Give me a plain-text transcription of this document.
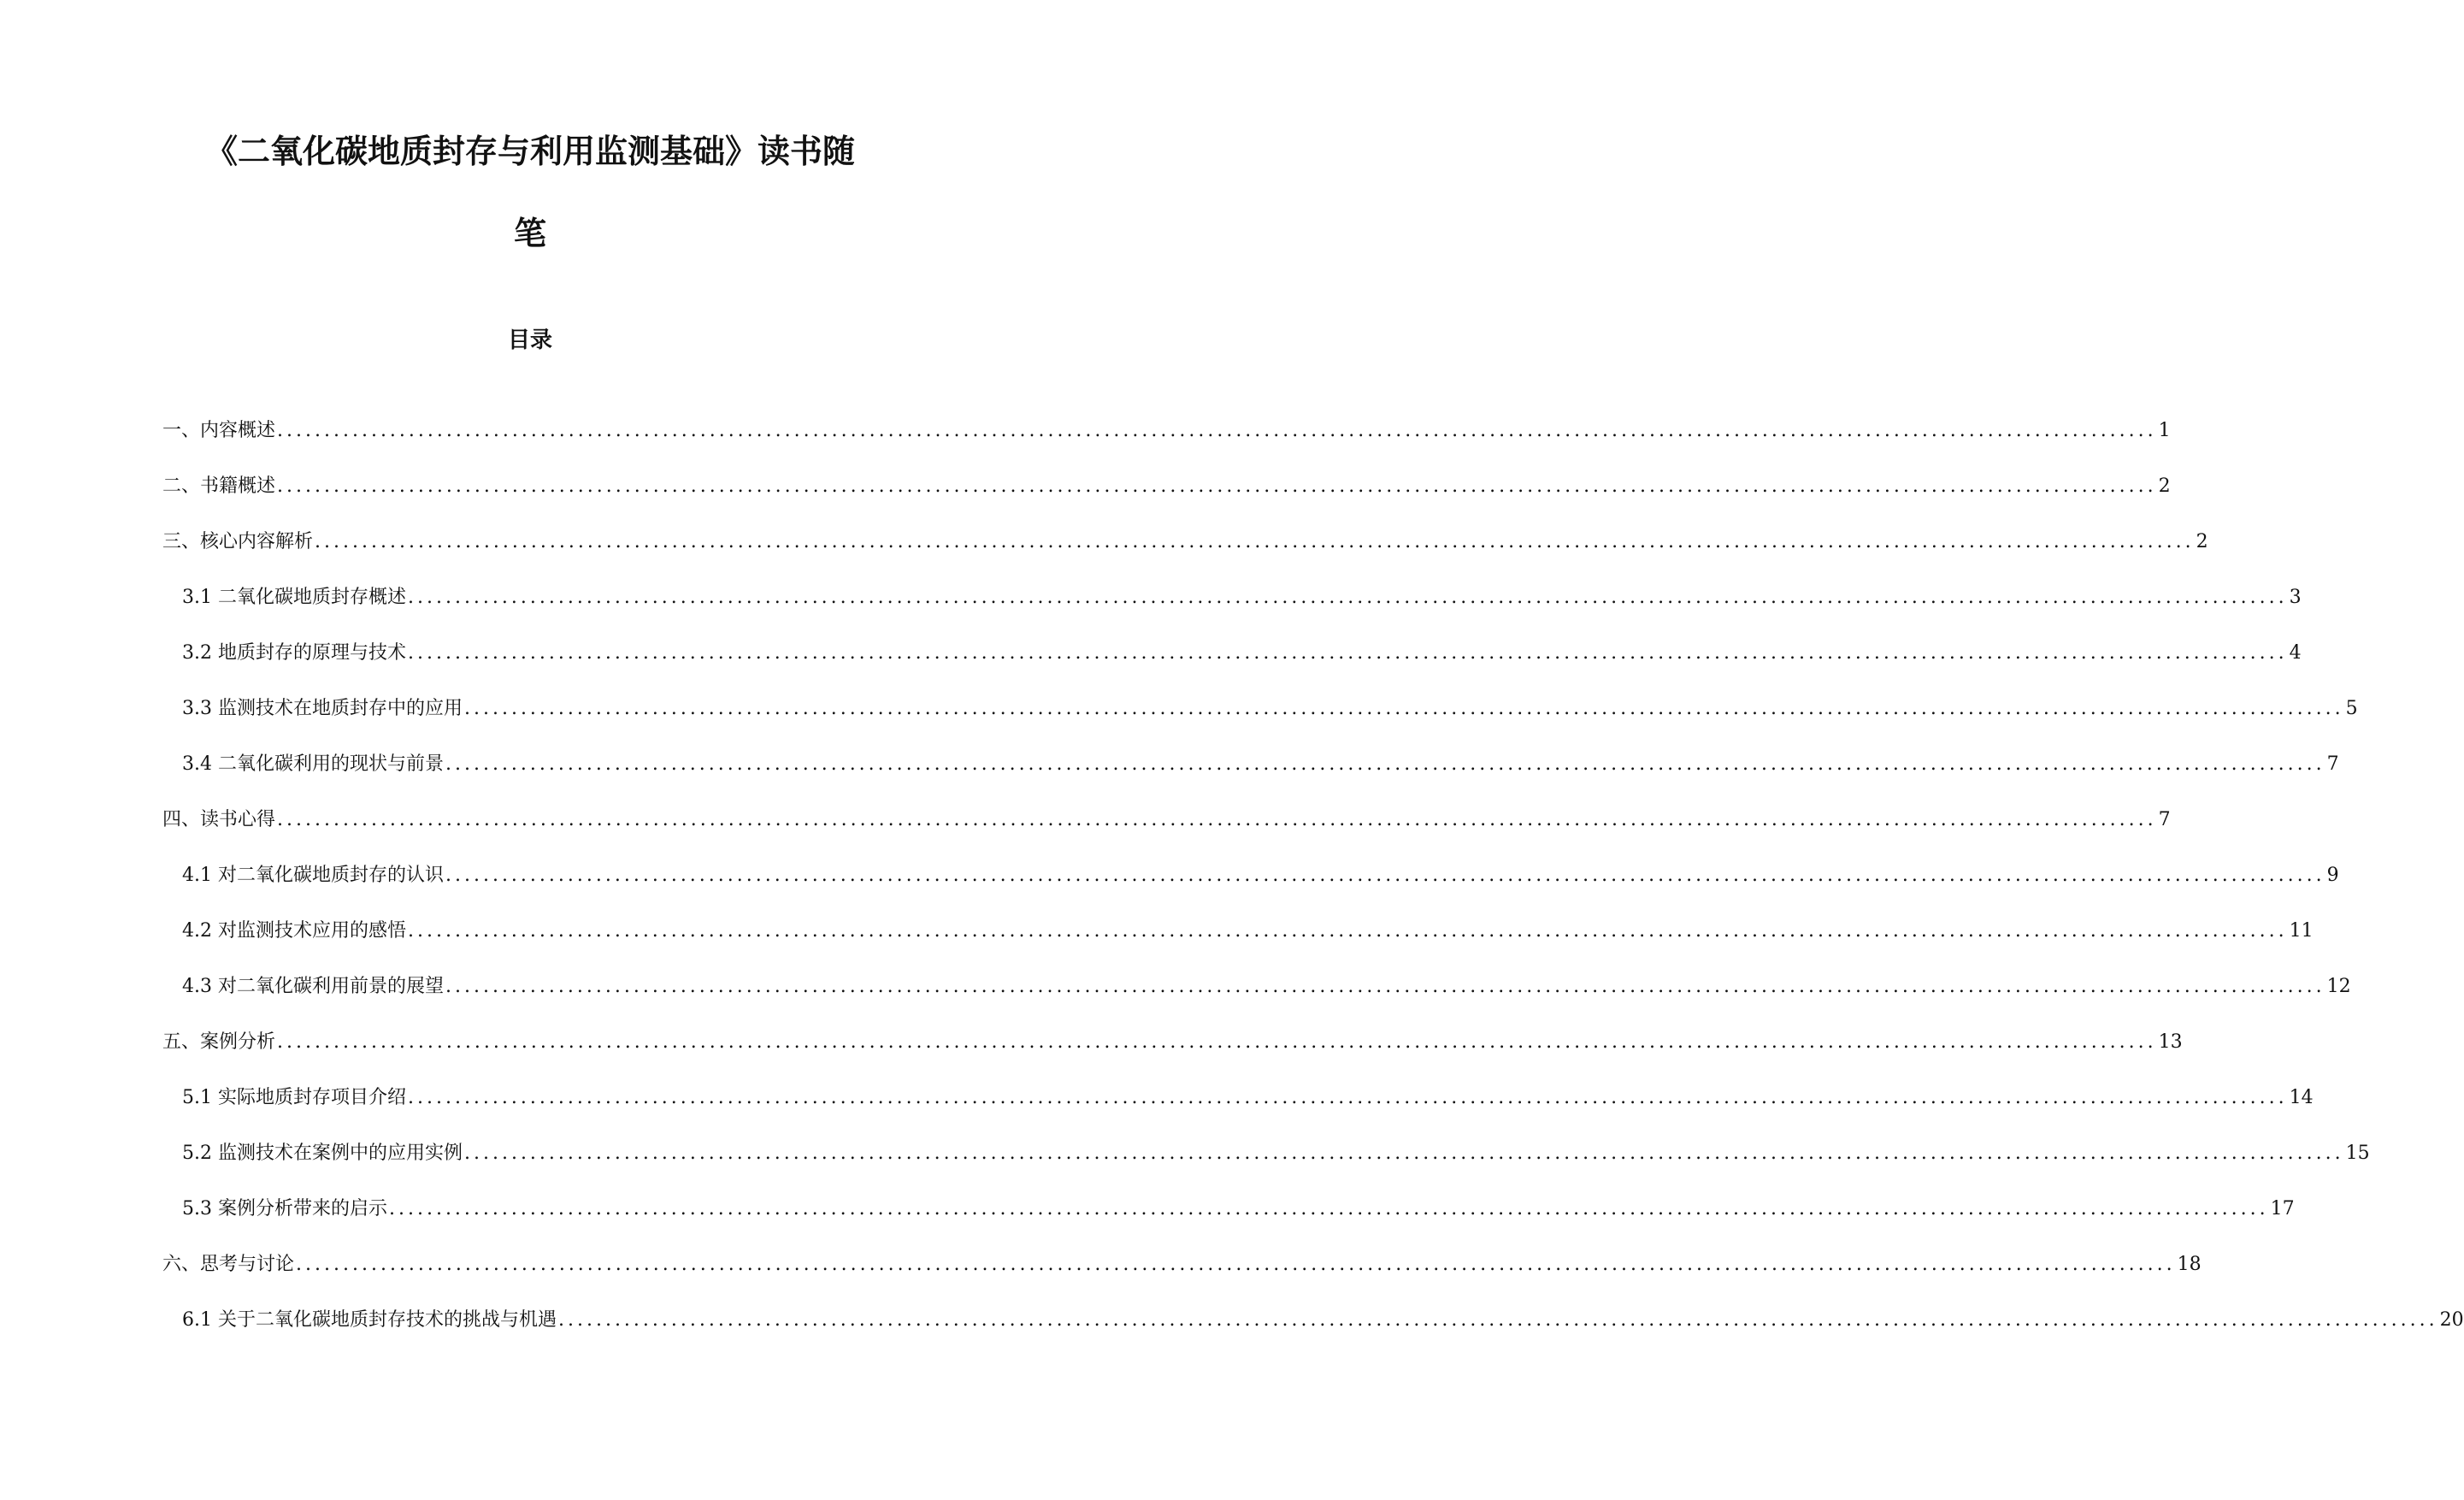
《二氧化碳地质封存与利用监测基础》读书随
笔
目录
一、内容概述 ........................................................................................................................................................................................................ 1
二、书籍概述 ........................................................................................................................................................................................................ 2
三、核心内容解析 ........................................................................................................................................................................................................ 2
3.1 二氧化碳地质封存概述 ........................................................................................................................................................................................................ 3
3.2 地质封存的原理与技术 ........................................................................................................................................................................................................ 4
3.3 监测技术在地质封存中的应用 ........................................................................................................................................................................................................ 5
3.4 二氧化碳利用的现状与前景 ........................................................................................................................................................................................................ 7
四、读书心得 ........................................................................................................................................................................................................ 7
4.1 对二氧化碳地质封存的认识 ........................................................................................................................................................................................................ 9
4.2 对监测技术应用的感悟 ........................................................................................................................................................................................................ 11
4.3 对二氧化碳利用前景的展望 ........................................................................................................................................................................................................ 12
五、案例分析 ........................................................................................................................................................................................................ 13
5.1 实际地质封存项目介绍 ........................................................................................................................................................................................................ 14
5.2 监测技术在案例中的应用实例 ........................................................................................................................................................................................................ 15
5.3 案例分析带来的启示 ........................................................................................................................................................................................................ 17
六、思考与讨论 ........................................................................................................................................................................................................ 18
6.1 关于二氧化碳地质封存技术的挑战与机遇 ........................................................................................................................................................................................................ 20
